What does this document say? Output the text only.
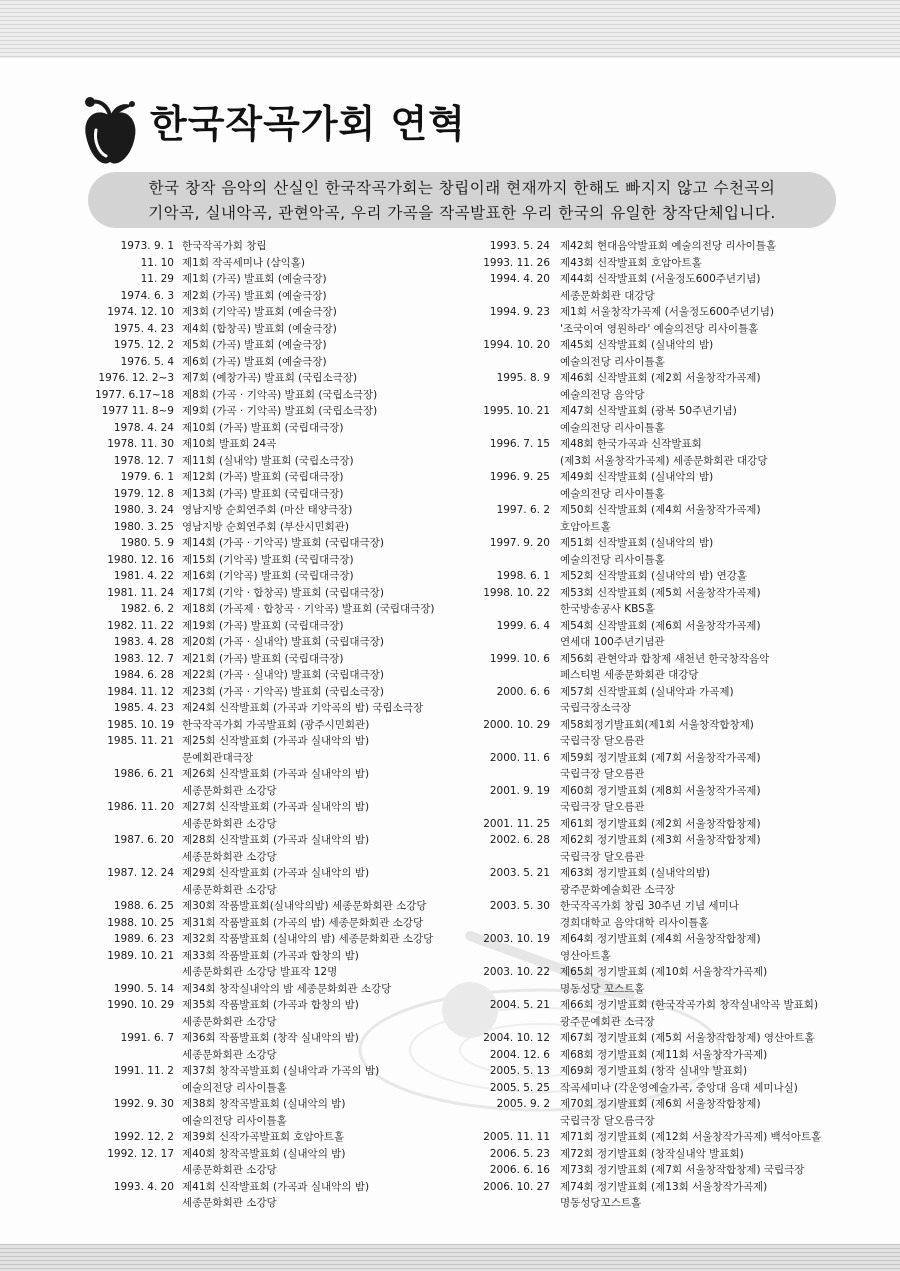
한국작곡가회 연혁
한국 창작 음악의 산실인 한국작곡가회는 창립이래 현재까지 한해도 빠지지 않고 수천곡의
기악곡, 실내악곡, 관현악곡, 우리 가곡을 작곡발표한 우리 한국의 유일한 창작단체입니다.
1973. 9. 1 한국작곡가회 창립
11. 10 제1회 작곡세미나 (삼익홀)
11. 29 제1회 (가곡) 발표회 (예술극장)
1974. 6. 3 제2회 (가곡) 발표회 (예술극장)
1974. 12. 10 제3회 (기악곡) 발표회 (예술극장)
1975. 4. 23 제4회 (합창곡) 발표회 (예술극장)
1975. 12. 2 제5회 (가곡) 발표회 (예술극장)
1976. 5. 4 제6회 (가곡) 발표회 (예술극장)
1976. 12. 2~3 제7회 (예창가곡) 발표회 (국립소극장)
1977. 6.17~18 제8회 (가곡 · 기악곡) 발표회 (국립소극장)
1977 11. 8~9 제9회 (가곡 · 기악곡) 발표회 (국립소극장)
1978. 4. 24 제10회 (가곡) 발표회 (국립대극장)
1978. 11. 30 제10회 발표회 24곡
1978. 12. 7 제11회 (실내악) 발표회 (국립소극장)
1979. 6. 1 제12회 (가곡) 발표회 (국립대극장)
1979. 12. 8 제13회 (가곡) 발표회 (국립대극장)
1980. 3. 24 영남지방 순회연주회 (마산 태양극장)
1980. 3. 25 영남지방 순회연주회 (부산시민회관)
1980. 5. 9 제14회 (가곡 · 기악곡) 발표회 (국립대극장)
1980. 12. 16 제15회 (기악곡) 발표회 (국립대극장)
1981. 4. 22 제16회 (기악곡) 발표회 (국립대극장)
1981. 11. 24 제17회 (기악 · 합창곡) 발표회 (국립대극장)
1982. 6. 2 제18회 (가곡제 · 합창곡 · 기악곡) 발표회 (국립대극장)
1982. 11. 22 제19회 (가곡) 발표회 (국립대극장)
1983. 4. 28 제20회 (가곡 · 실내악) 발표회 (국립대극장)
1983. 12. 7 제21회 (가곡) 발표회 (국립대극장)
1984. 6. 28 제22회 (가곡 · 실내악) 발표회 (국립대극장)
1984. 11. 12 제23회 (가곡 · 기악곡) 발표회 (국립소극장)
1985. 4. 23 제24회 신작발표회 (가곡과 기악곡의 밤) 국립소극장
1985. 10. 19 한국작곡가회 가곡발표회 (광주시민회관)
1985. 11. 21 제25회 신작발표회 (가곡과 실내악의 밤)
문예회관대극장
1986. 6. 21 제26회 신작발표회 (가곡과 실내악의 밤)
세종문화회관 소강당
1986. 11. 20 제27회 신작발표회 (가곡과 실내악의 밤)
세종문화회관 소강당
1987. 6. 20 제28회 신작발표회 (가곡과 실내악의 밤)
세종문화회관 소강당
1987. 12. 24 제29회 신작발표회 (가곡과 실내악의 밤)
세종문화회관 소강당
1988. 6. 25 제30회 작품발표회(실내악의밤) 세종문화회관 소강당
1988. 10. 25 제31회 작품발표회 (가곡의 밤) 세종문화회관 소강당
1989. 6. 23 제32회 작품발표회 (실내악의 밤) 세종문화회관 소강당
1989. 10. 21 제33회 작품발표회 (가곡과 합창의 밤)
세종문화회관 소강당 발표작 12명
1990. 5. 14 제34회 창작실내악의 밤 세종문화회관 소강당
1990. 10. 29 제35회 작품발표회 (가곡과 합창의 밤)
세종문화회관 소강당
1991. 6. 7 제36회 작품발표회 (창작 실내악의 밤)
세종문화회관 소강당
1991. 11. 2 제37회 창작곡발표회 (실내악과 가곡의 밤)
예술의전당 리사이틀홀
1992. 9. 30 제38회 창작곡발표회 (실내악의 밤)
예술의전당 리사이틀홀
1992. 12. 2 제39회 신작가곡발표회 호암아트홀
1992. 12. 17 제40회 창작곡발표회 (실내악의 밤)
세종문화회관 소강당
1993. 4. 20 제41회 신작발표회 (가곡과 실내악의 밤)
세종문화회관 소강당
1993. 5. 24 제42회 현대음악발표회 예술의전당 리사이틀홀
1993. 11. 26 제43회 신작발표회 호암아트홀
1994. 4. 20 제44회 신작발표회 (서울정도600주년기념)
세종문화회관 대강당
1994. 9. 23 제1회 서울창작가곡제 (서울정도600주년기념)
'조국이여 영원하라' 예술의전당 리사이틀홀
1994. 10. 20 제45회 신작발표회 (실내악의 밤)
예술의전당 리사이틀홀
1995. 8. 9 제46회 신작발표회 (제2회 서울창작가곡제)
예술의전당 음악당
1995. 10. 21 제47회 신작발표회 (광복 50주년기념)
예술의전당 리사이틀홀
1996. 7. 15 제48회 한국가곡과 신작발표회
(제3회 서울창작가곡제) 세종문화회관 대강당
1996. 9. 25 제49회 신작발표회 (실내악의 밤)
예술의전당 리사이틀홀
1997. 6. 2 제50회 신작발표회 (제4회 서울창작가곡제)
호암아트홀
1997. 9. 20 제51회 신작발표회 (실내악의 밤)
예술의전당 리사이틀홀
1998. 6. 1 제52회 신작발표회 (실내악의 밤) 연강홀
1998. 10. 22 제53회 신작발표회 (제5회 서울창작가곡제)
한국방송공사 KBS홀
1999. 6. 4 제54회 신작발표회 (제6회 서울창작가곡제)
연세대 100주년기념관
1999. 10. 6 제56회 관현악과 합창제 새천년 한국창작음악
페스티벌 세종문화회관 대강당
2000. 6. 6 제57회 신작발표회 (실내악과 가곡제)
국립극장소극장
2000. 10. 29 제58회정기발표회(제1회 서울창작합창제)
국립극장 달오름관
2000. 11. 6 제59회 정기발표회 (제7회 서울창작가곡제)
국립극장 달오름관
2001. 9. 19 제60회 정기발표회 (제8회 서울창작가곡제)
국립극장 달오름관
2001. 11. 25 제61회 정기발표회 (제2회 서울창작합창제)
2002. 6. 28 제62회 정기발표회 (제3회 서울창작합창제)
국립극장 달오름관
2003. 5. 21 제63회 정기발표회 (실내악의밤)
광주문화예술회관 소극장
2003. 5. 30 한국작곡가회 창립 30주년 기념 세미나
경희대학교 음악대학 리사이틀홀
2003. 10. 19 제64회 정기발표회 (제4회 서울창작합창제)
영산아트홀
2003. 10. 22 제65회 정기발표회 (제10회 서울창작가곡제)
명동성당 꼬스트홀
2004. 5. 21 제66회 정기발표회 (한국작곡가회 창작실내악곡 발표회)
광주문예회관 소극장
2004. 10. 12 제67회 정기발표회 (제5회 서울창작합창제) 영산아트홀
2004. 12. 6 제68회 정기발표회 (제11회 서울창작가곡제)
2005. 5. 13 제69회 정기발표회 (창작 실내악 발표회)
2005. 5. 25 작곡세미나 (각운영예술가곡, 중앙대 음대 세미나실)
2005. 9. 2 제70회 정기발표회 (제6회 서울창작합창제)
국립극장 달오름극장
2005. 11. 11 제71회 정기발표회 (제12회 서울창작가곡제) 백석아트홀
2006. 5. 23 제72회 정기발표회 (창작실내악 발표회)
2006. 6. 16 제73회 정기발표회 (제7회 서울창작합창제) 국립극장
2006. 10. 27 제74회 정기발표회 (제13회 서울창작가곡제)
명동성당꼬스트홀
